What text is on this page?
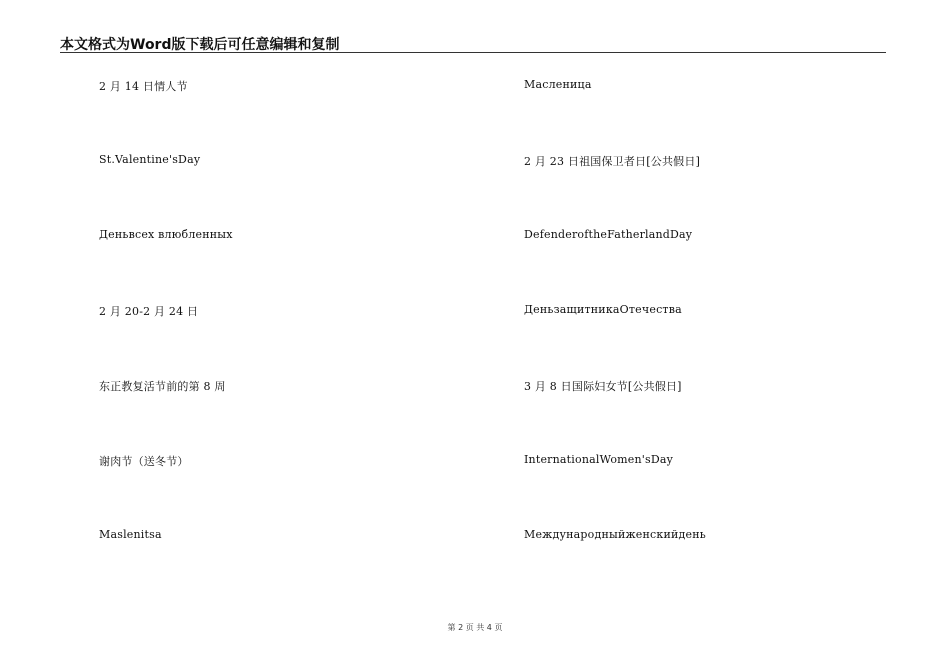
本文格式为Word版下载后可任意编辑和复制
2 月 14 日情人节
St.Valentine'sDay
Деньвсех влюбленных
2 月 20-2 月 24 日
东正教复活节前的第 8 周
谢肉节（送冬节）
Maslenitsa
Масленица
2 月 23 日祖国保卫者日[公共假日]
DefenderoftheFatherlandDay
ДеньзащитникаОтечества
3 月 8 日国际妇女节[公共假日]
InternationalWomen'sDay
Международныйженскийдень
第 2 页 共 4 页
